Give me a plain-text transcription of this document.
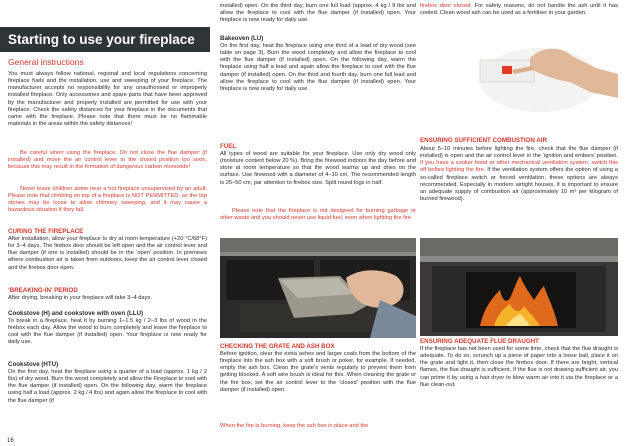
Starting to use your fireplace
General instructions

You must always follow national, regional and local regulations concerning fireplace fuels and the installation, use and sweeping of your fireplace. The manufacturer accepts no responsibility for any unauthorised or improperly installed fireplace. Only accessories and spare parts that have been approved by the manufacturer and properly installed are permitted for use with your fireplace. Check the safety distances for your fireplace in the documents that came with the fireplace. Please note that there must be no flammable materials in the areas within the safety distances!

Be careful when using the fireplace. Do not close the flue damper (if installed) and move the air control lever to the closed position too soon, because this may result in the formation of dangerous carbon monoxide!

Never leave children alone near a hot fireplace unsupervised by an adult. Please note that climbing on top of a fireplace is NOT PERMITTED, as the top stones may be loose to allow chimney sweeping, and it may cause a hazardous situation if they fall.

CURING THE FIREPLACE

After installation, allow your fireplace to dry at room temperature (+20 °C/68°F) for 3–4 days. The firebox door should be left open and the air control lever and flue damper (if one is installed) should be in the ‘open’ position. In premises where combustion air is taken from outdoors, keep the air control lever closed and the firebox door open.

‘BREAKING-IN’ PERIOD

After drying, breaking in your fireplace will take 3–4 days.

Cookstove (H) and cookstove with oven (LLU)

To break in a fireplace, heat it by burning 1–1.5 kg / 2–3 lbs of wood in the firebox each day. Allow the wood to burn completely and leave the fireplace to cool with the flue damper (if installed) open. Your fireplace is now ready for daily use.

Cookstove (HTU)

On the first day, heat the fireplace using a quarter of a load (approx. 1 kg / 2 lbs) of dry wood. Burn the wood completely and allow the Fireplace to cool with the flue damper (if installed) open. On the following day, warm the fireplace using half a load (approx. 2 kg / 4 lbs) and again allow the fireplace to cool with the flue damper (if

16

installed) open. On the third day, burn one full load (approx. 4 kg / 9 lbs and allow the fireplace to cool with the flue damper (if installed) open. Your fireplace is now ready for daily use.

Bakeoven (LU)

On the first day, heat the fireplace using one third of a load of dry wood (see table on page 3). Burn the wood completely and allow the fireplace to cool with the flue damper (if installed) open. On the following day, warm the fireplace using half a load and again allow the fireplace to cool with the flue damper (if installed) open. On the third and fourth day, burn one full load and allow the fireplace to cool with the flue damper (if installed) open. Your fireplace is now ready for daily use.

FUEL

All types of wood are suitable for your fireplace. Use only dry wood only (moisture content below 20 %). Bring the firewood indoors the day before and store at room temperature so that the wood warms up and dries on the surface. Use firewood with a diameter of 4–10 cm. The recommended length is 25–50 cm, par attention to firebox size. Split round logs in half.

Please note that the fireplace is not designed for burning garbage or other waste and you should never use liquid fuel, even when lighting the fire.

CHECKING THE GRATE AND ASH BOX

Before ignition, clear the extra ashes and larger coals from the bottom of the fireplace into the ash box with a soft brush or poker, for example. If needed, empty the ash box. Clean the grate’s vents regularly to prevent them from getting blocked. A soft wire brush is ideal for this. When cleaning the grate or the fire box, set the air control lever to the ‘closed’ position with the flue damper (if installed) open.

When the fire is burning, keep the ash box in place and the

firebox door closed. For safety reasons, do not handle the ash until it has cooled. Clean wood ash can be used as a fertiliser in your garden.

ENSURING SUFFICIENT COMBUSTION AIR

About 5–10 minutes before lighting the fire, check that the flue damper (if installed) is open and the air control lever in the ‘ignition and embers’ position. If you have a cooker hood or other mechanical ventilation system, switch this off before lighting the fire. If the ventilation system offers the option of using a so-called fireplace switch or forced ventilation, these options are always recommended. Especially in modern airtight houses, it is important to ensure an adequate supply of combustion air (approximately 10 m³ per kilogram of burned firewood).

ENSURING ADEQUATE FLUE DRAUGHT

If the fireplace has not been used for some time, check that the flue draught is adequate. To do so, scrunch up a piece of paper into a loose ball, place it on the grate and light it, then close the firebox door. If there are bright, vertical flames, the flue draught is sufficient. If the flue is not drawing sufficient air, you can prime it by using a hair dryer to blow warm air into it via the fireplace or a flue clean-out.
